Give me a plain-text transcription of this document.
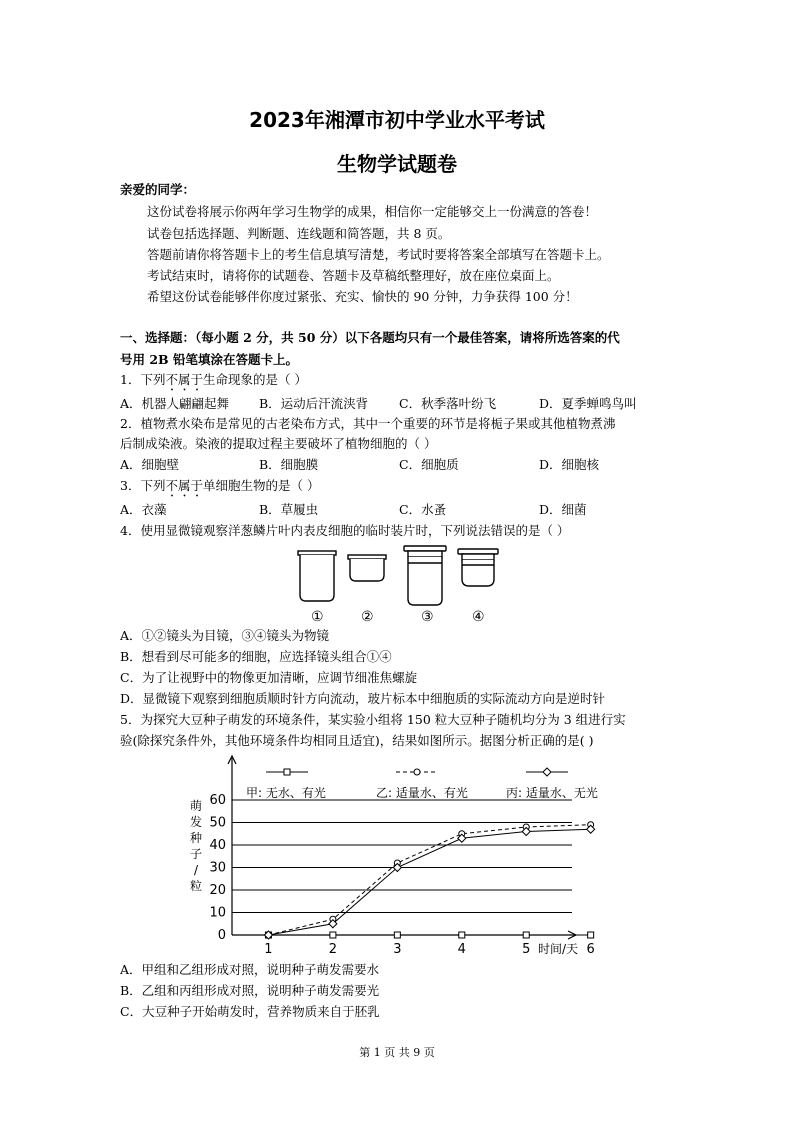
2023年湘潭市初中学业水平考试
生物学试题卷
亲爱的同学：
这份试卷将展示你两年学习生物学的成果，相信你一定能够交上一份满意的答卷！
试卷包括选择题、判断题、连线题和简答题，共 8 页。
答题前请你将答题卡上的考生信息填写清楚，考试时要将答案全部填写在答题卡上。
考试结束时，请将你的试题卷、答题卡及草稿纸整理好，放在座位桌面上。
希望这份试卷能够伴你度过紧张、充实、愉快的 90 分钟，力争获得 100 分！
一、选择题：（每小题 2 分，共 50 分）以下各题均只有一个最佳答案，请将所选答案的代
号用 2B 铅笔填涂在答题卡上。
1．下列不属于生命现象的是（ ）
A．机器人翩翩起舞 B．运动后汗流浃背 C．秋季落叶纷飞	D．夏季蝉鸣鸟叫
2．植物煮水染布是常见的古老染布方式，其中一个重要的环节是将栀子果或其他植物煮沸
后制成染液。染液的提取过程主要破坏了植物细胞的（ ）
A．细胞壁	B．细胞膜	C．细胞质	D．细胞核
3．下列不属于单细胞生物的是（ ）
A．衣藻	B．草履虫	C．水蚤	D．细菌
4．使用显微镜观察洋葱鳞片叶内表皮细胞的临时装片时，下列说法错误的是（ ）
①	②	③	④
A．①②镜头为目镜，③④镜头为物镜
B．想看到尽可能多的细胞，应选择镜头组合①④
C．为了让视野中的物像更加清晰，应调节细准焦螺旋
D．显微镜下观察到细胞质顺时针方向流动，玻片标本中细胞质的实际流动方向是逆时针
5．为探究大豆种子萌发的环境条件，某实验小组将 150 粒大豆种子随机均分为 3 组进行实
验(除探究条件外，其他环境条件均相同且适宜)，结果如图所示。据图分析正确的是( )
0
10
20
30
40
50
60
1	2	3	4	5	6
甲: 无水、有光	乙: 适量水、有光	丙: 适量水、无光
萌
发
种
子
/
粒
时间/天
A．甲组和乙组形成对照，说明种子萌发需要水
B．乙组和丙组形成对照，说明种子萌发需要光
C．大豆种子开始萌发时，营养物质来自于胚乳
第 1 页 共 9 页
